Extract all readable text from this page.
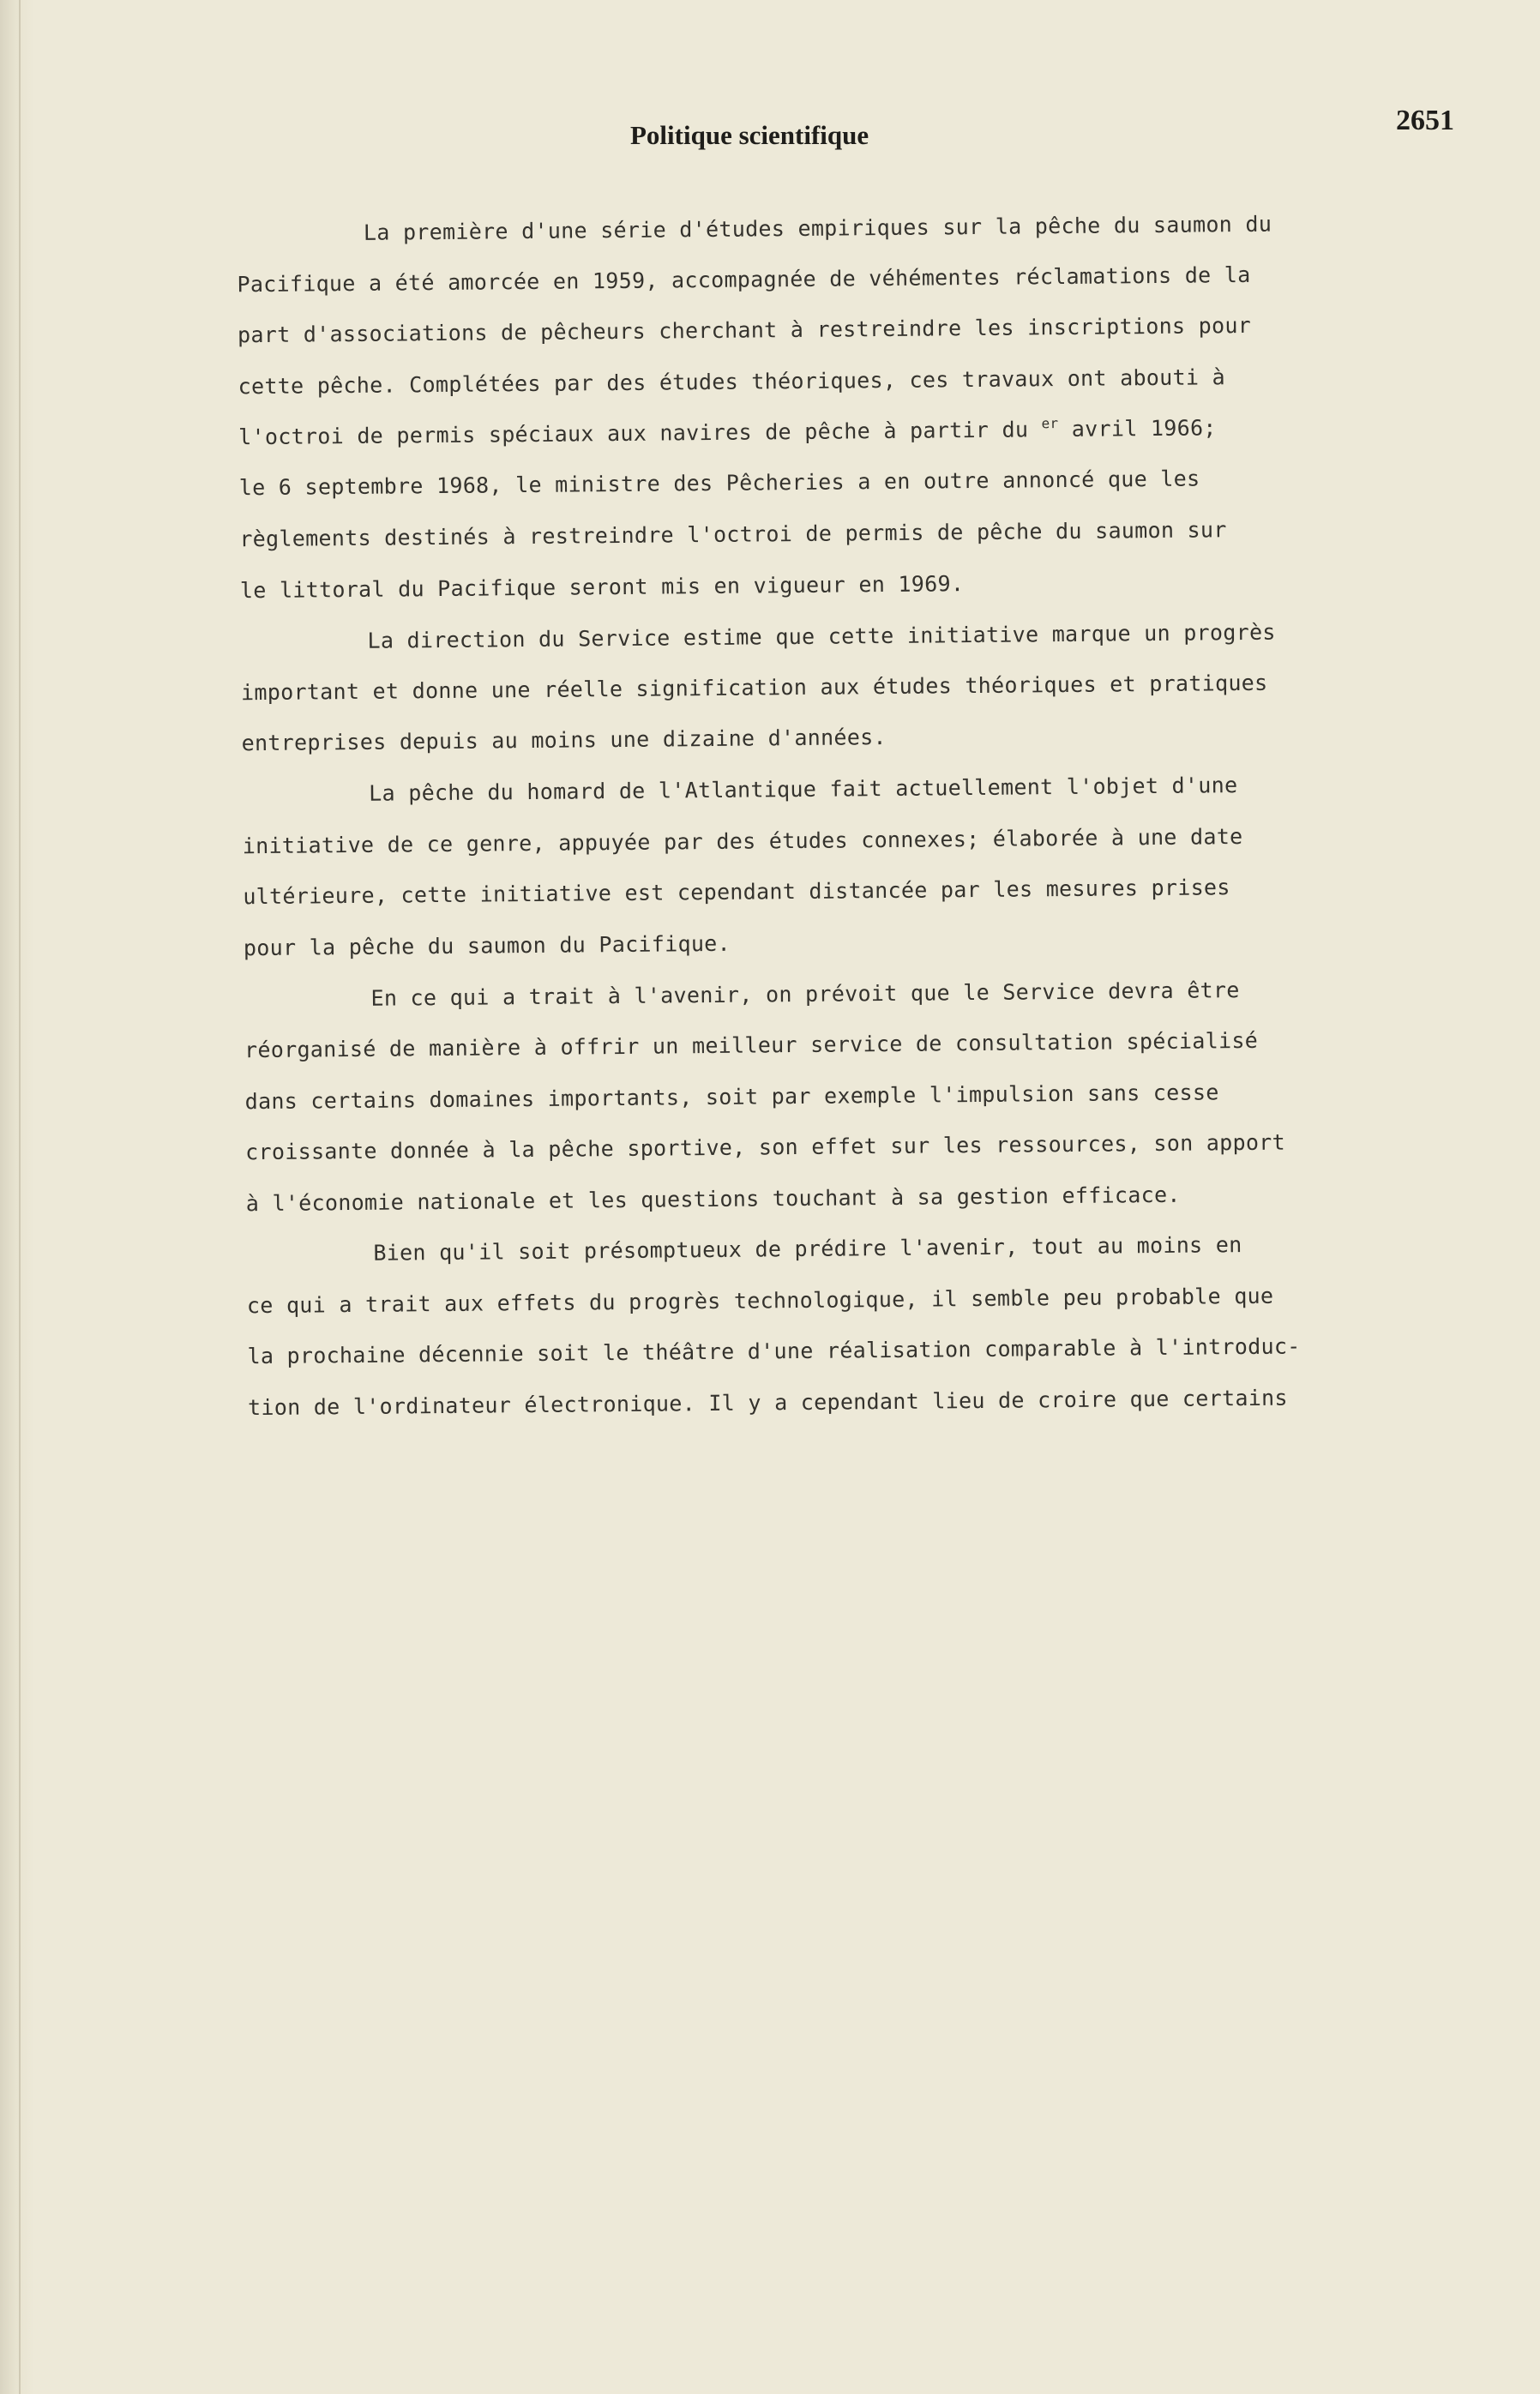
Politique scientifique	2651
La première d'une série d'études empiriques sur la pêche du saumon du
Pacifique a été amorcée en 1959, accompagnée de véhémentes réclamations de la
part d'associations de pêcheurs cherchant à restreindre les inscriptions pour
cette pêche. Complétées par des études théoriques, ces travaux ont abouti à
l'octroi de permis spéciaux aux navires de pêche à partir du $^{er}$ avril 1966;
le 6 septembre 1968, le ministre des Pêcheries a en outre annoncé que les
règlements destinés à restreindre l'octroi de permis de pêche du saumon sur
le littoral du Pacifique seront mis en vigueur en 1969.
La direction du Service estime que cette initiative marque un progrès
important et donne une réelle signification aux études théoriques et pratiques
entreprises depuis au moins une dizaine d'années.
La pêche du homard de l'Atlantique fait actuellement l'objet d'une
initiative de ce genre, appuyée par des études connexes; élaborée à une date
ultérieure, cette initiative est cependant distancée par les mesures prises
pour la pêche du saumon du Pacifique.
En ce qui a trait à l'avenir, on prévoit que le Service devra être
réorganisé de manière à offrir un meilleur service de consultation spécialisé
dans certains domaines importants, soit par exemple l'impulsion sans cesse
croissante donnée à la pêche sportive, son effet sur les ressources, son apport
à l'économie nationale et les questions touchant à sa gestion efficace.
Bien qu'il soit présomptueux de prédire l'avenir, tout au moins en
ce qui a trait aux effets du progrès technologique, il semble peu probable que
la prochaine décennie soit le théâtre d'une réalisation comparable à l'introduc-
tion de l'ordinateur électronique. Il y a cependant lieu de croire que certains
